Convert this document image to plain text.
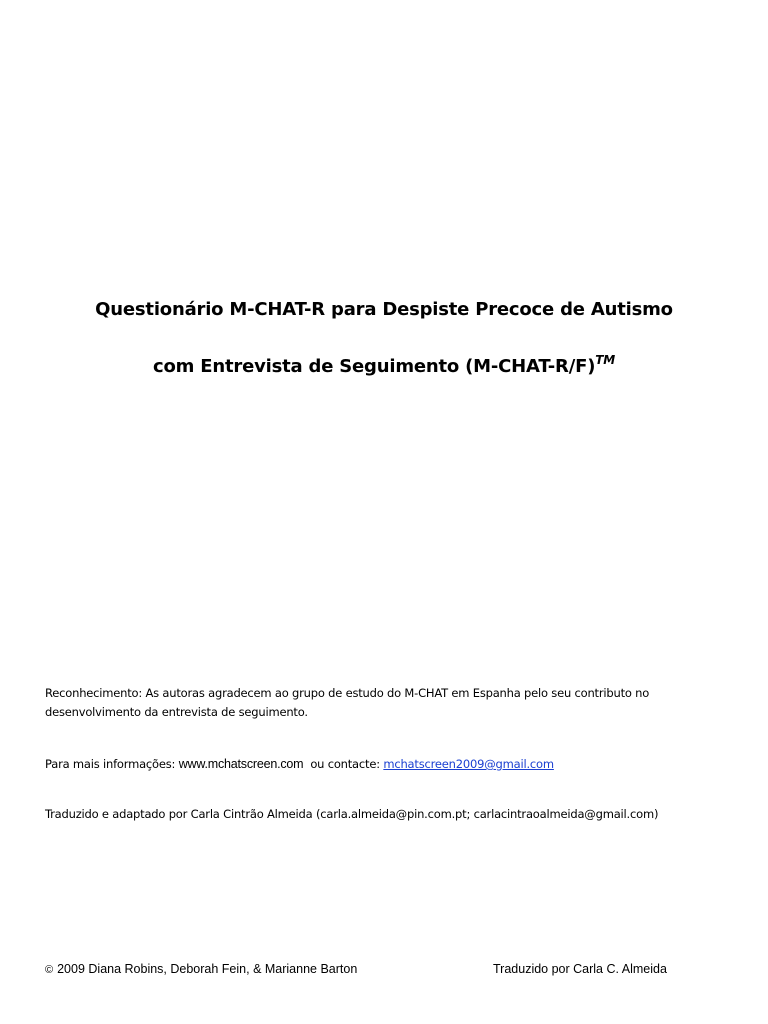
Questionário M-CHAT-R para Despiste Precoce de Autismo
com Entrevista de Seguimento (M-CHAT-R/F)™
Reconhecimento: As autoras agradecem ao grupo de estudo do M-CHAT em Espanha pelo seu contributo no
desenvolvimento da entrevista de seguimento.
Para mais informações: www.mchatscreen.com  ou contacte: mchatscreen2009@gmail.com
Traduzido e adaptado por Carla Cintrão Almeida (carla.almeida@pin.com.pt; carlacintraoalmeida@gmail.com)
© 2009 Diana Robins, Deborah Fein, & Marianne Barton	Traduzido por Carla C. Almeida
